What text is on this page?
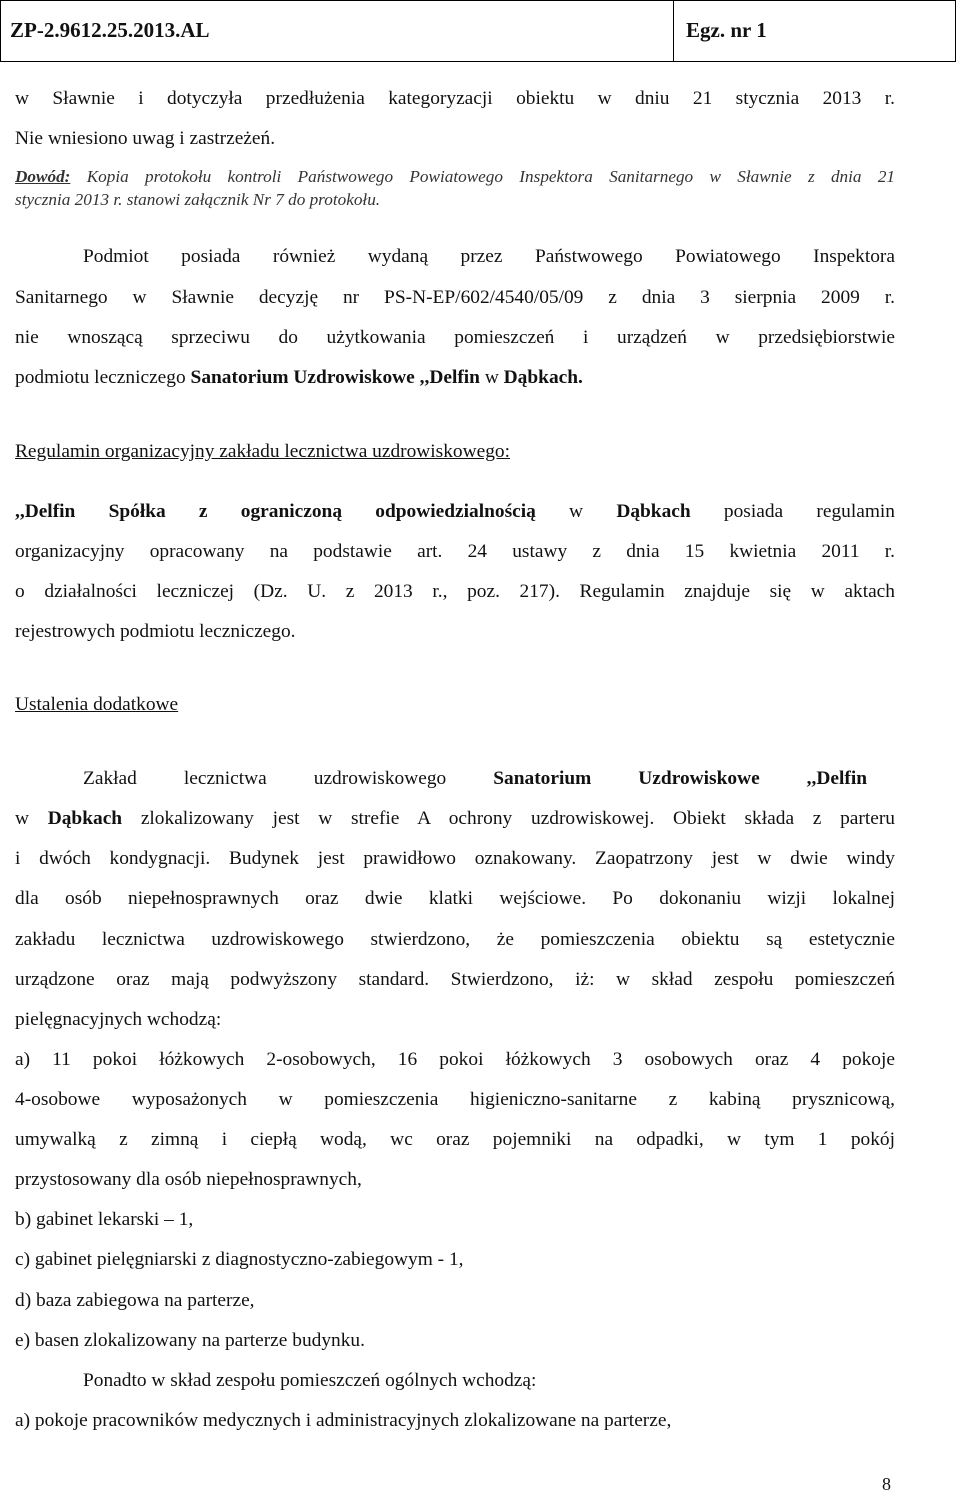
ZP-2.9612.25.2013.AL	Egz. nr 1
w Sławnie i dotyczyła przedłużenia kategoryzacji obiektu w dniu 21 stycznia 2013 r.
Nie wniesiono uwag i zastrzeżeń.
Dowód: Kopia protokołu kontroli Państwowego Powiatowego Inspektora Sanitarnego w Sławnie z dnia 21
stycznia 2013 r. stanowi załącznik Nr 7 do protokołu.
Podmiot posiada również wydaną przez Państwowego Powiatowego Inspektora
Sanitarnego w Sławnie decyzję nr PS-N-EP/602/4540/05/09 z dnia 3 sierpnia 2009 r.
nie wnoszącą sprzeciwu do użytkowania pomieszczeń i urządzeń w przedsiębiorstwie
podmiotu leczniczego Sanatorium Uzdrowiskowe ,,Delfin w Dąbkach.
Regulamin organizacyjny zakładu lecznictwa uzdrowiskowego:
,,Delfin Spółka z ograniczoną odpowiedzialnością w Dąbkach posiada regulamin
organizacyjny opracowany na podstawie art. 24 ustawy z dnia 15 kwietnia 2011 r.
o działalności leczniczej (Dz. U. z 2013 r., poz. 217). Regulamin znajduje się w aktach
rejestrowych podmiotu leczniczego.
Ustalenia dodatkowe
Zakład lecznictwa uzdrowiskowego Sanatorium Uzdrowiskowe ,,Delfin
w Dąbkach zlokalizowany jest w strefie A ochrony uzdrowiskowej. Obiekt składa z parteru
i dwóch kondygnacji. Budynek jest prawidłowo oznakowany. Zaopatrzony jest w dwie windy
dla osób niepełnosprawnych oraz dwie klatki wejściowe. Po dokonaniu wizji lokalnej
zakładu lecznictwa uzdrowiskowego stwierdzono, że pomieszczenia obiektu są estetycznie
urządzone oraz mają podwyższony standard. Stwierdzono, iż: w skład zespołu pomieszczeń
pielęgnacyjnych wchodzą:
a) 11 pokoi łóżkowych 2-osobowych, 16 pokoi łóżkowych 3 osobowych oraz 4 pokoje
4-osobowe wyposażonych w pomieszczenia higieniczno-sanitarne z kabiną prysznicową,
umywalką z zimną i ciepłą wodą, wc oraz pojemniki na odpadki, w tym 1 pokój
przystosowany dla osób niepełnosprawnych,
b) gabinet lekarski – 1,
c) gabinet pielęgniarski z diagnostyczno-zabiegowym - 1,
d) baza zabiegowa na parterze,
e) basen zlokalizowany na parterze budynku.
Ponadto w skład zespołu pomieszczeń ogólnych wchodzą:
a) pokoje pracowników medycznych i administracyjnych zlokalizowane na parterze,
8
